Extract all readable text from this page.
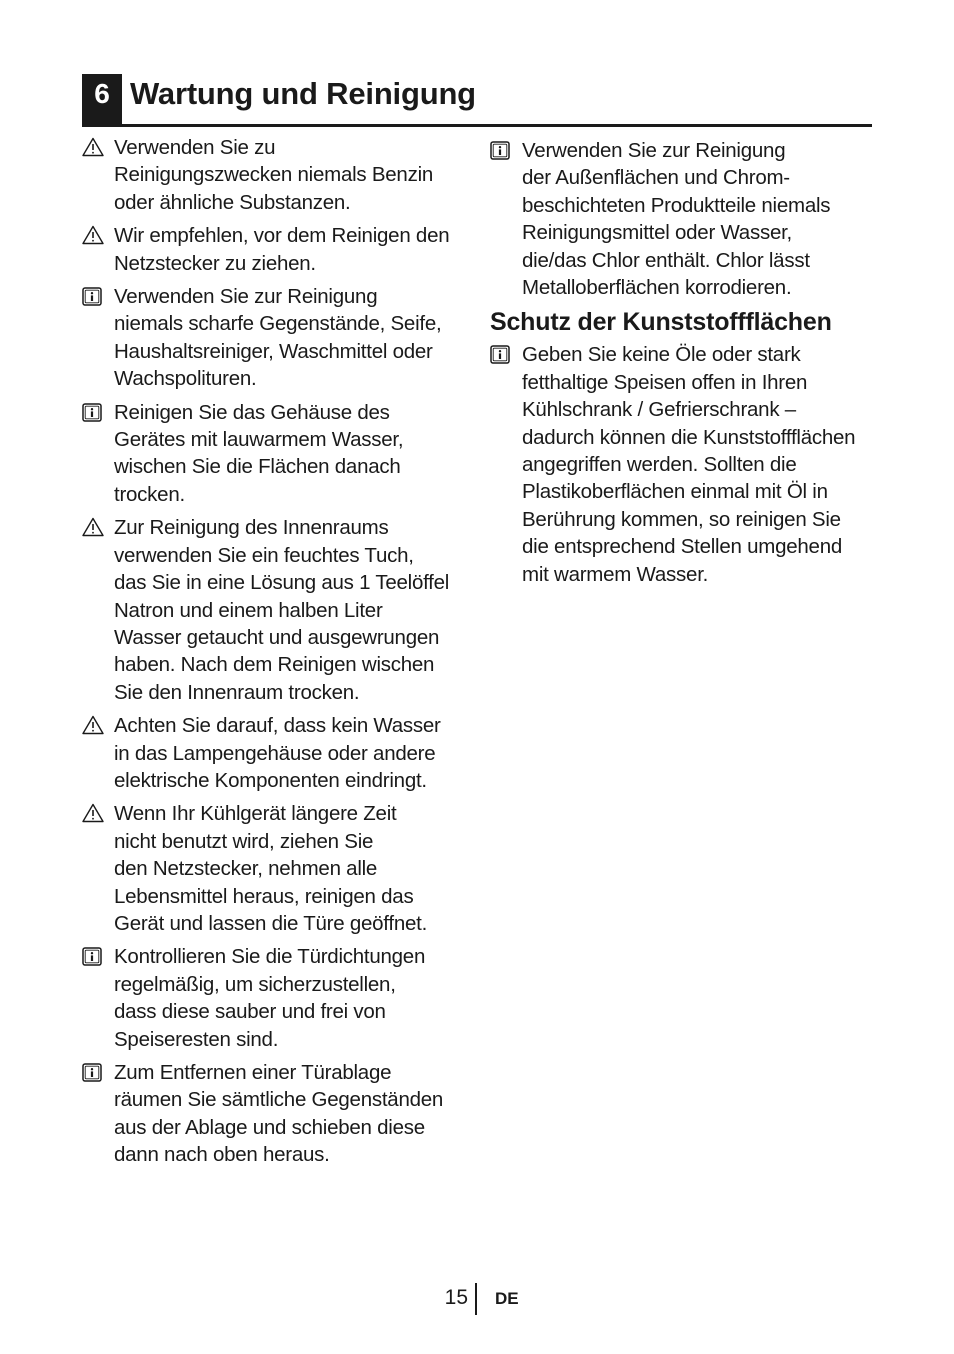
6 Wartung und Reinigung
Verwenden Sie zu
Reinigungszwecken niemals Benzin
oder ähnliche Substanzen.
Wir empfehlen, vor dem Reinigen den
Netzstecker zu ziehen.
Verwenden Sie zur Reinigung
niemals scharfe Gegenstände, Seife,
Haushaltsreiniger, Waschmittel oder
Wachspolituren.
Reinigen Sie das Gehäuse des
Gerätes mit lauwarmem Wasser,
wischen Sie die Flächen danach
trocken.
Zur Reinigung des Innenraums
verwenden Sie ein feuchtes Tuch,
das Sie in eine Lösung aus 1 Teelöffel
Natron und einem halben Liter
Wasser getaucht und ausgewrungen
haben. Nach dem Reinigen wischen
Sie den Innenraum trocken.
Achten Sie darauf, dass kein Wasser
in das Lampengehäuse oder andere
elektrische Komponenten eindringt.
Wenn Ihr Kühlgerät längere Zeit
nicht benutzt wird, ziehen Sie
den Netzstecker, nehmen alle
Lebensmittel heraus, reinigen das
Gerät und lassen die Türe geöffnet.
Kontrollieren Sie die Türdichtungen
regelmäßig, um sicherzustellen,
dass diese sauber und frei von
Speiseresten sind.
Zum Entfernen einer Türablage
räumen Sie sämtliche Gegenständen
aus der Ablage und schieben diese
dann nach oben heraus.
Verwenden Sie zur Reinigung
der Außenflächen und Chrom-
beschichteten Produktteile niemals
Reinigungsmittel oder Wasser,
die/das Chlor enthält. Chlor lässt
Metalloberflächen korrodieren.
Schutz der Kunststoffflächen
Geben Sie keine Öle oder stark
fetthaltige Speisen offen in Ihren
Kühlschrank / Gefrierschrank –
dadurch können die Kunststoffflächen
angegriffen werden. Sollten die
Plastikoberflächen einmal mit Öl in
Berührung kommen, so reinigen Sie
die entsprechend Stellen umgehend
mit warmem Wasser.
15 DE
